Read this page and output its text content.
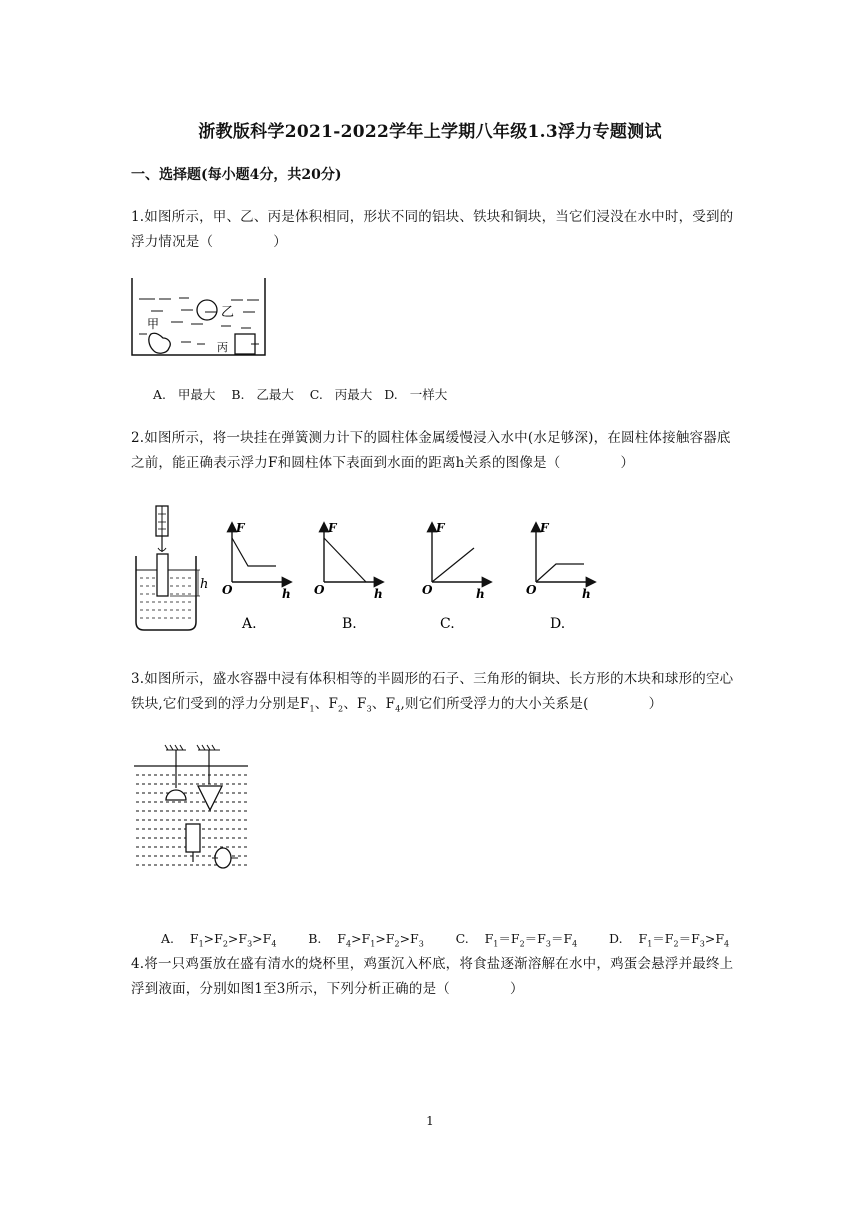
浙教版科学2021-2022学年上学期八年级1.3浮力专题测试
一、选择题(每小题4分，共20分)
1.如图所示，甲、乙、丙是体积相同，形状不同的铝块、铁块和铜块，当它们浸没在水中时，受到的浮力情况是（	）
乙
甲
丙
A.   甲最大    B.   乙最大    C.   丙最大   D.   一样大
2.如图所示，将一块挂在弹簧测力计下的圆柱体金属缓慢浸入水中(水足够深)，在圆柱体接触容器底之前，能正确表示浮力F和圆柱体下表面到水面的距离h关系的图像是（	）
h
F
O	h
A.
F
O	h
B.
F
O	h
C.
F
O	h
D.
3.如图所示，盛水容器中浸有体积相等的半圆形的石子、三角形的铜块、长方形的木块和球形的空心铁块,它们受到的浮力分别是$F_1$、$F_2$、$F_3$、$F_4$,则它们所受浮力的大小关系是(	）

A. $F_1>F_2>F_3>F_4$	B. $F_4>F_1>F_2>F_3$	C. $F_1=F_2=F_3=F_4$	D. $F_1=F_2=F_3>F_4$

4.将一只鸡蛋放在盛有清水的烧杯里，鸡蛋沉入杯底，将食盐逐渐溶解在水中，鸡蛋会悬浮并最终上浮到液面，分别如图1至3所示，下列分析正确的是（	）
1
